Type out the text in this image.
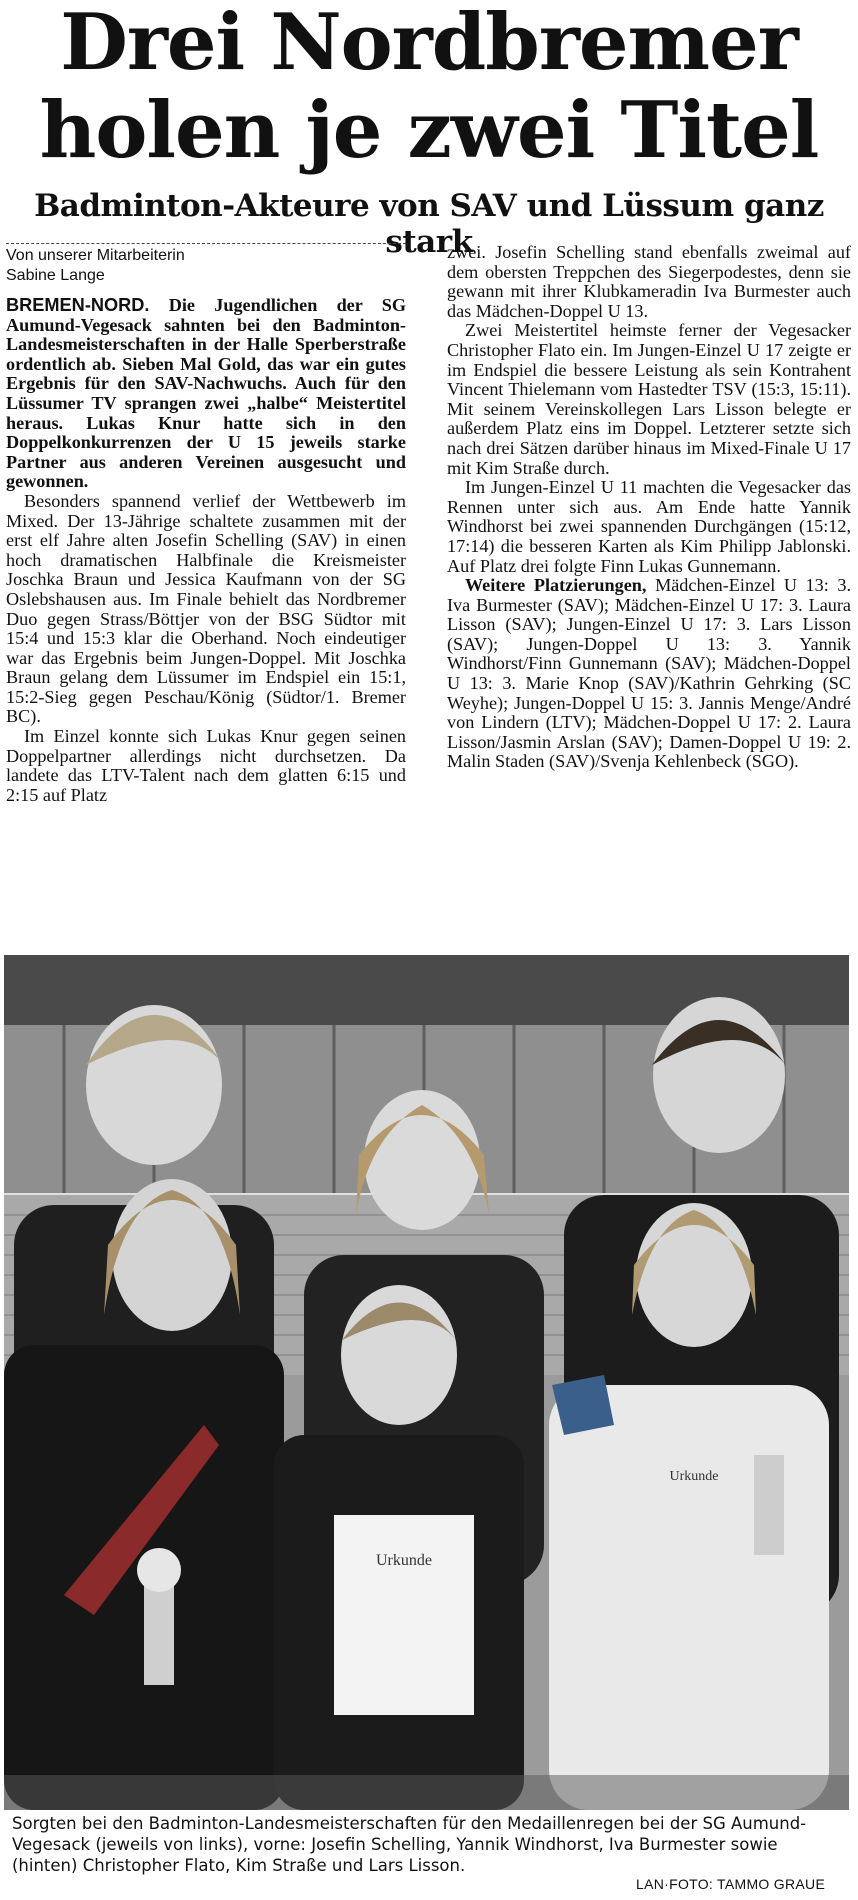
Drei Nordbremer
holen je zwei Titel
Badminton-Akteure von SAV und Lüssum ganz stark
Von unserer Mitarbeiterin
Sabine Lange

BREMEN-NORD. Die Jugendlichen der SG Aumund-Vegesack sahnten bei den Badminton-Landesmeisterschaften in der Halle Sperberstraße ordentlich ab. Sieben Mal Gold, das war ein gutes Ergebnis für den SAV-Nachwuchs. Auch für den Lüssumer TV sprangen zwei „halbe“ Meistertitel heraus. Lukas Knur hatte sich in den Doppelkonkurrenzen der U 15 jeweils starke Partner aus anderen Vereinen ausgesucht und gewonnen.

Besonders spannend verlief der Wettbewerb im Mixed. Der 13-Jährige schaltete zusammen mit der erst elf Jahre alten Josefin Schelling (SAV) in einen hoch dramatischen Halbfinale die Kreismeister Joschka Braun und Jessica Kaufmann von der SG Oslebshausen aus. Im Finale behielt das Nordbremer Duo gegen Strass/Böttjer von der BSG Südtor mit 15:4 und 15:3 klar die Oberhand. Noch eindeutiger war das Ergebnis beim Jungen-Doppel. Mit Joschka Braun gelang dem Lüssumer im Endspiel ein 15:1, 15:2-Sieg gegen Peschau/König (Südtor/1. Bremer BC).

Im Einzel konnte sich Lukas Knur gegen seinen Doppelpartner allerdings nicht durchsetzen. Da landete das LTV-Talent nach dem glatten 6:15 und 2:15 auf Platz

zwei. Josefin Schelling stand ebenfalls zweimal auf dem obersten Treppchen des Siegerpodestes, denn sie gewann mit ihrer Klubkameradin Iva Burmester auch das Mädchen-Doppel U 13.

Zwei Meistertitel heimste ferner der Vegesacker Christopher Flato ein. Im Jungen-Einzel U 17 zeigte er im Endspiel die bessere Leistung als sein Kontrahent Vincent Thielemann vom Hastedter TSV (15:3, 15:11). Mit seinem Vereinskollegen Lars Lisson belegte er außerdem Platz eins im Doppel. Letzterer setzte sich nach drei Sätzen darüber hinaus im Mixed-Finale U 17 mit Kim Straße durch.

Im Jungen-Einzel U 11 machten die Vegesacker das Rennen unter sich aus. Am Ende hatte Yannik Windhorst bei zwei spannenden Durchgängen (15:12, 17:14) die besseren Karten als Kim Philipp Jablonski. Auf Platz drei folgte Finn Lukas Gunnemann.

Weitere Platzierungen, Mädchen-Einzel U 13: 3. Iva Burmester (SAV); Mädchen-Einzel U 17: 3. Laura Lisson (SAV); Jungen-Einzel U 17: 3. Lars Lisson (SAV); Jungen-Doppel U 13: 3. Yannik Windhorst/Finn Gunnemann (SAV); Mädchen-Doppel U 13: 3. Marie Knop (SAV)/Kathrin Gehrking (SC Weyhe); Jungen-Doppel U 15: 3. Jannis Menge/André von Lindern (LTV); Mädchen-Doppel U 17: 2. Laura Lisson/Jasmin Arslan (SAV); Damen-Doppel U 19: 2. Malin Staden (SAV)/Svenja Kehlenbeck (SGO).

Urkunde
Urkunde
Sorgten bei den Badminton-Landesmeisterschaften für den Medaillenregen bei der SG Aumund-Vegesack (jeweils von links), vorne: Josefin Schelling, Yannik Windhorst, Iva Burmester sowie (hinten) Christopher Flato, Kim Straße und Lars Lisson.
LAN·FOTO: TAMMO GRAUE
